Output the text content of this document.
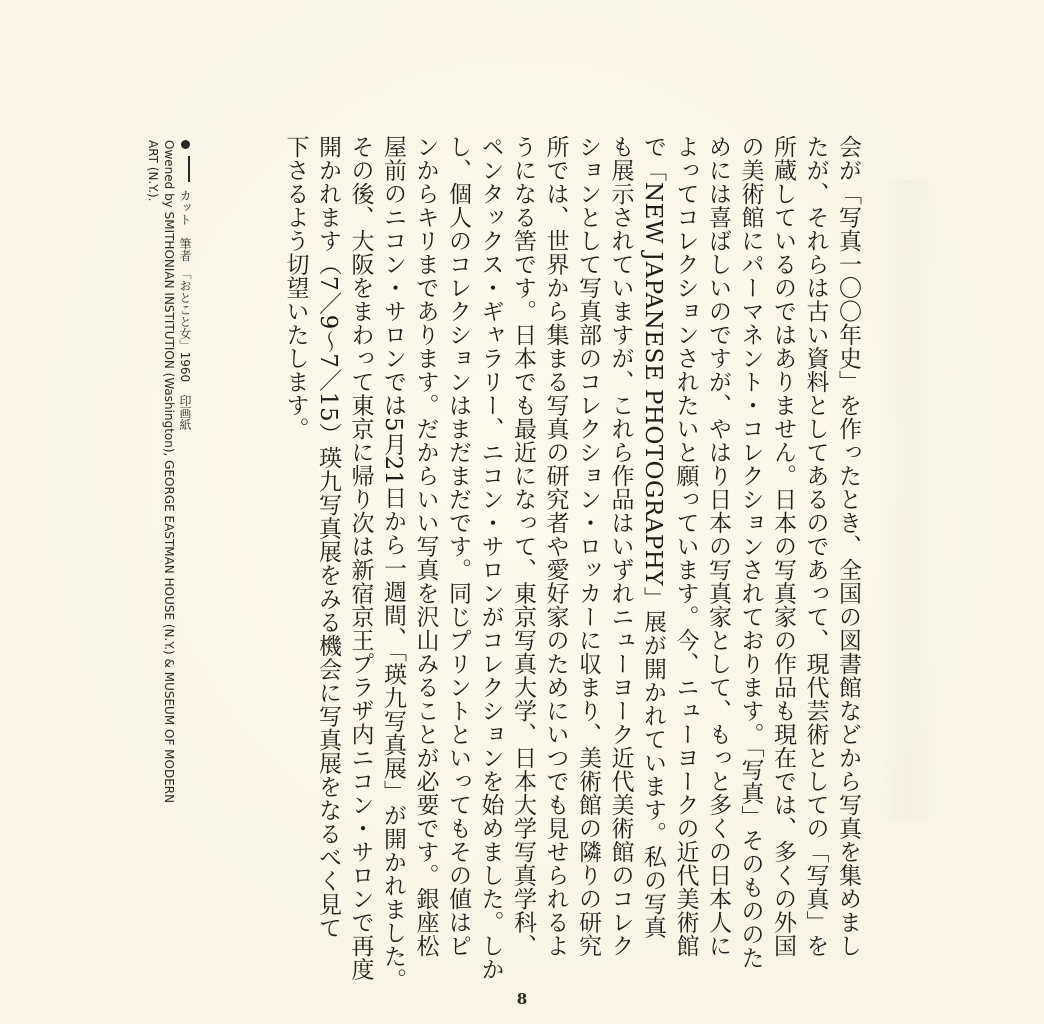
会が「写真一〇〇年史」を作ったとき、全国の図書館などから写真を集めまし
たが、それらは古い資料としてあるのであって、現代芸術としての「写真」を
所蔵しているのではありません。日本の写真家の作品も現在では、多くの外国
の美術館にパーマネント・コレクションされております。「写真」そのもののた
めには喜ばしいのですが、やはり日本の写真家として、もっと多くの日本人に
よってコレクションされたいと願っています。今、ニューヨークの近代美術館
で「NEW JAPANESE PHOTOGRAPHY」展が開かれています。私の写真
も展示されていますが、これら作品はいずれニューヨーク近代美術館のコレク
ションとして写真部のコレクション・ロッカーに収まり、美術館の隣りの研究
所では、世界から集まる写真の研究者や愛好家のためにいつでも見せられるよ
うになる筈です。日本でも最近になって、東京写真大学、日本大学写真学科、
ペンタックス・ギャラリー、ニコン・サロンがコレクションを始めました。しか
し、個人のコレクションはまだまだです。同じプリントといってもその値はピ
ンからキリまであります。だからいい写真を沢山みることが必要です。銀座松
屋前のニコン・サロンでは5月21日から一週間、「瑛九写真展」が開かれました。
その後、大阪をまわって東京に帰り次は新宿京王プラザ内ニコン・サロンで再度
開かれます（7／9～7／15）瑛九写真展をみる機会に写真展をなるべく見て
下さるよう切望いたします。
カット　筆者　「おとこと女」1960　印画紙
Owened by SMITHONIAN INSTITUTION (Washington), GEORGE EASTMAN HOUSE (N.Y.) & MUSEUM OF MODERN
ART (N.Y.).
8
